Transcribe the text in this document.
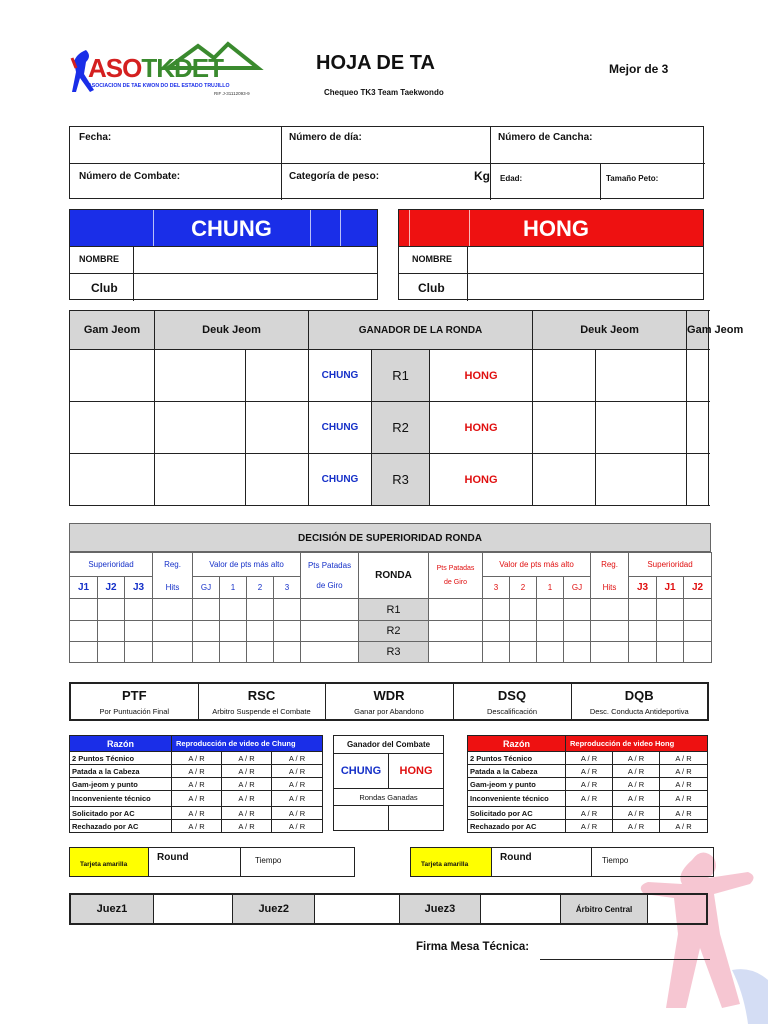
ASOTKDET
ASOCIACION DE TAE KWON DO DEL ESTADO TRUJILLO
RIF J-31112093-9
HOJA DE TA
Chequeo TK3 Team Taekwondo
Mejor de 3
Fecha:	Número de día:	Número de Cancha:
Número de Combate:	Categoría de peso:	Kg Edad:	Tamaño Peto:
CHUNG
NOMBRE
Club
HONG
NOMBRE
Club
Gam Jeom	Deuk Jeom		GANADOR DE LA RONDA			Deuk Jeom		Gam Jeom
			CHUNG	R1	HONG			
			CHUNG	R2	HONG			
			CHUNG	R3	HONG			
DECISIÓN DE SUPERIORIDAD RONDA
Superioridad			Reg.	Valor de pts más alto				Pts Patadas
de Giro	RONDA	Pts Patadas
de Giro	Valor de pts más alto				Reg.	Superioridad		
J1	J2	J3	Hits	GJ	1	2	3				3	2	1	GJ	Hits	J3	J1	J2
									R1									
									R2									
									R3									
PTF
Por Puntuación Final

RSC
Arbitro Suspende el Combate

WDR
Ganar por Abandono

DSQ
Descalificación

DQB
Desc. Conducta Antideportiva
Razón	Reproducción de video de Chung		
2 Puntos Técnico	A / R	A / R	A / R
Patada a la Cabeza	A / R	A / R	A / R
Gam-jeom y punto	A / R	A / R	A / R
Inconveniente técnico	A / R	A / R	A / R
Solicitado por AC	A / R	A / R	A / R
Rechazado por AC	A / R	A / R	A / R
Ganador del Combate	
CHUNG	HONG
Rondas Ganadas	

Razón	Reproducción de video Hong		
2 Puntos Técnico	A / R	A / R	A / R
Patada a la Cabeza	A / R	A / R	A / R
Gam-jeom y punto	A / R	A / R	A / R
Inconveniente técnico	A / R	A / R	A / R
Solicitado por AC	A / R	A / R	A / R
Rechazado por AC	A / R	A / R	A / R
Tarjeta amarilla	Round	Tiempo	Tarjeta amarilla	Round	Tiempo
Juez1		Juez2		Juez3		Árbitro Central	
Firma Mesa Técnica:
